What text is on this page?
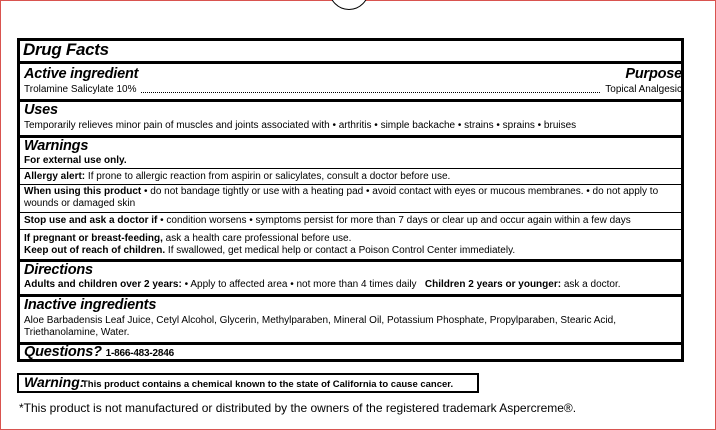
Drug Facts
Active ingredient	Purpose
Trolamine Salicylate 10%	Topical Analgesic
Uses
Temporarily relieves minor pain of muscles and joints associated with • arthritis • simple backache • strains • sprains • bruises
Warnings
For external use only.
Allergy alert: If prone to allergic reaction from aspirin or salicylates, consult a doctor before use.
When using this product • do not bandage tightly or use with a heating pad • avoid contact with eyes or mucous membranes. • do not apply to wounds or damaged skin
Stop use and ask a doctor if • condition worsens • symptoms persist for more than 7 days or clear up and occur again within a few days
If pregnant or breast-feeding, ask a health care professional before use.
Keep out of reach of children. If swallowed, get medical help or contact a Poison Control Center immediately.
Directions
Adults and children over 2 years: • Apply to affected area • not more than 4 times daily Children 2 years or younger: ask a doctor.
Inactive ingredients
Aloe Barbadensis Leaf Juice, Cetyl Alcohol, Glycerin, Methylparaben, Mineral Oil, Potassium Phosphate, Propylparaben, Stearic Acid, Triethanolamine, Water.
Questions? 1-866-483-2846
Warning:
This product contains a chemical known to the state of California to cause cancer.
*This product is not manufactured or distributed by the owners of the registered trademark Aspercreme®.
